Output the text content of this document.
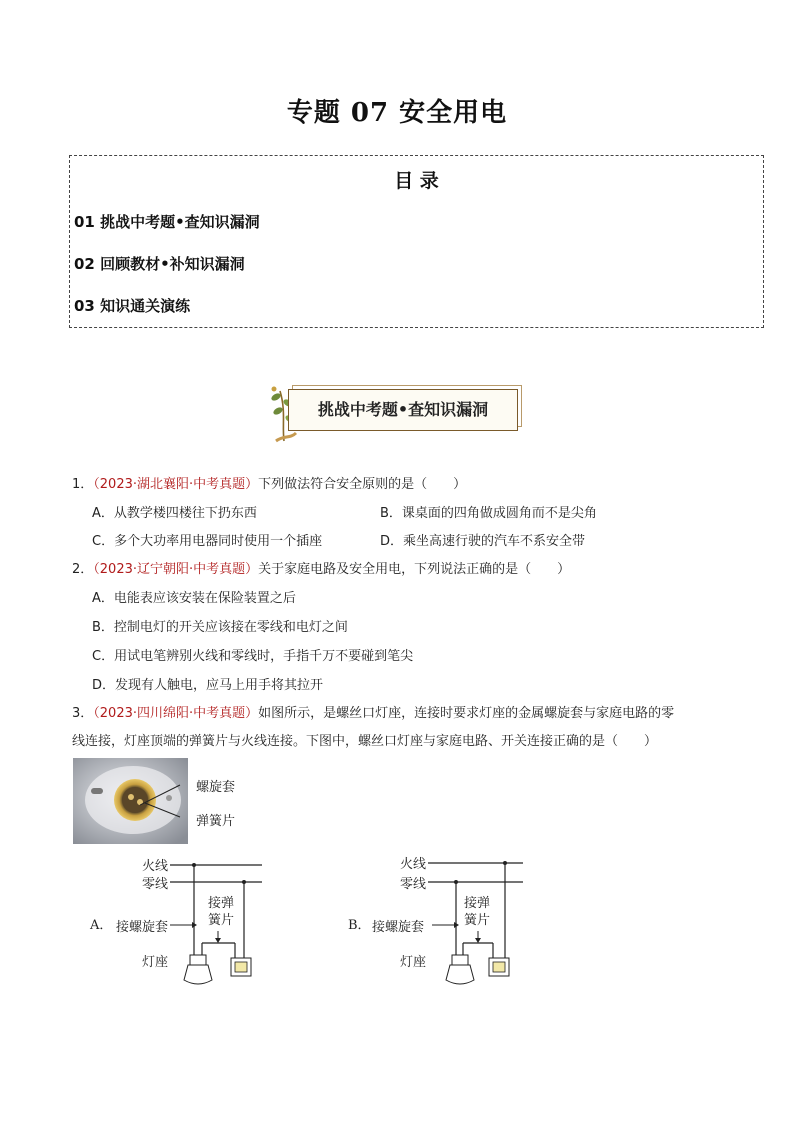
专题 07 安全用电
目 录
01 挑战中考题•查知识漏洞
02 回顾教材•补知识漏洞
03 知识通关演练
挑战中考题•查知识漏洞
1．（2023·湖北襄阳·中考真题）下列做法符合安全原则的是（　　）
A．从教学楼四楼往下扔东西	B．课桌面的四角做成圆角而不是尖角
C．多个大功率用电器同时使用一个插座	D．乘坐高速行驶的汽车不系安全带
2．（2023·辽宁朝阳·中考真题）关于家庭电路及安全用电，下列说法正确的是（　　）
A．电能表应该安装在保险装置之后
B．控制电灯的开关应该接在零线和电灯之间
C．用试电笔辨别火线和零线时，手指千万不要碰到笔尖
D．发现有人触电，应马上用手将其拉开
3．（2023·四川绵阳·中考真题）如图所示，是螺丝口灯座，连接时要求灯座的金属螺旋套与家庭电路的零
线连接，灯座顶端的弹簧片与火线连接。下图中，螺丝口灯座与家庭电路、开关连接正确的是（　　）
螺旋套
弹簧片
火线
零线
接弹
簧片
A． 接螺旋套
灯座
火线
零线
接弹
簧片
B． 接螺旋套
灯座
